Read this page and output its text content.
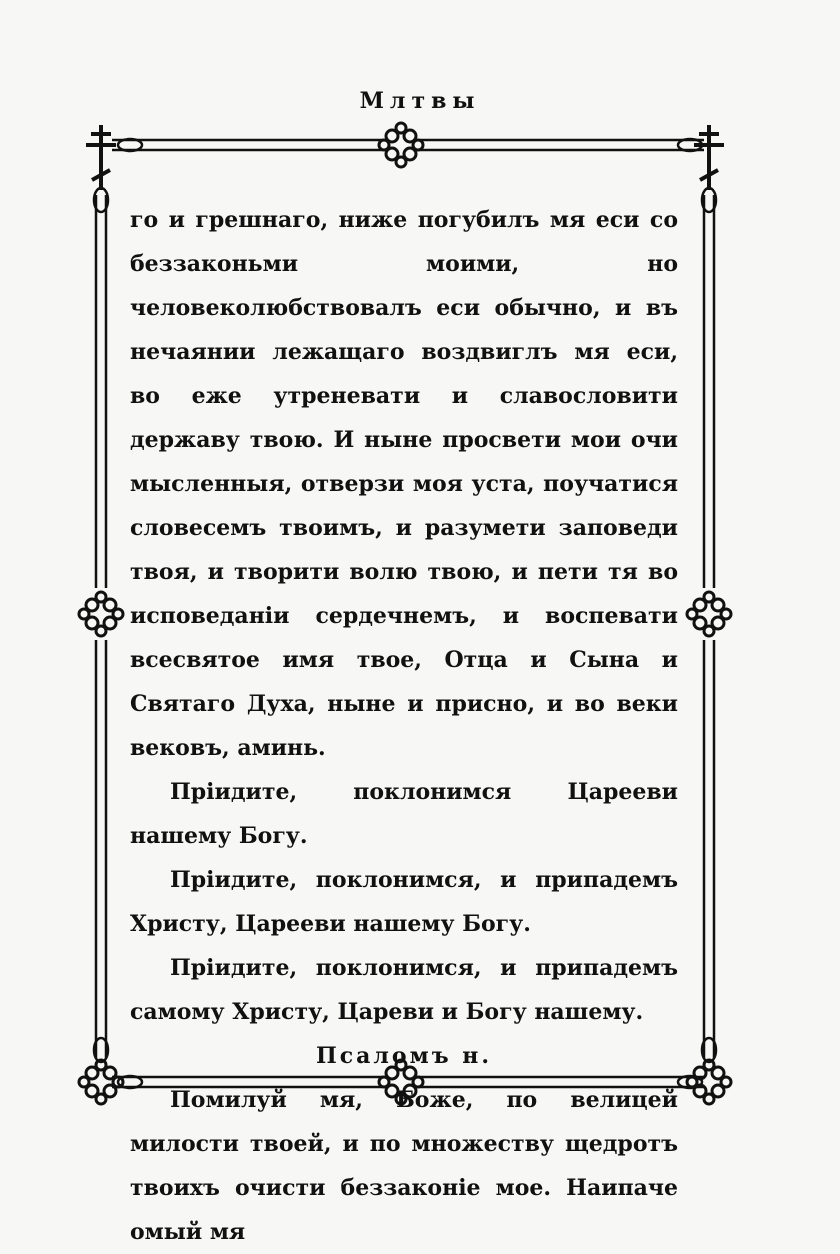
Млтвы

го и грешнаго, ниже погубилъ мя еси со беззаконьми моими, но человеколюбствовалъ еси обычно, и въ нечаянии лежащаго воздвиглъ мя еси, во еже утреневати и славословити державу твою. И ныне просвети мои очи мысленныя, отверзи моя уста, поучатися словесемъ твоимъ, и разумети заповеди твоя, и творити волю твою, и пети тя во исповеданіи сердечнемъ, и воспевати всесвятое имя твое, Отца и Сына и Святаго Духа, ныне и присно, и во веки вековъ, аминь.

Пріидите, поклонимся Царееви нашему Богу.

Пріидите, поклонимся, и припадемъ Христу, Царееви нашему Богу.

Пріидите, поклонимся, и припадемъ самому Христу, Цареви и Богу нашему.

Псаломъ н.

Помилуй мя, Боже, по велицей милости твоей, и по множеству щедротъ твоихъ очисти беззаконіе мое. Наипаче омый мя
